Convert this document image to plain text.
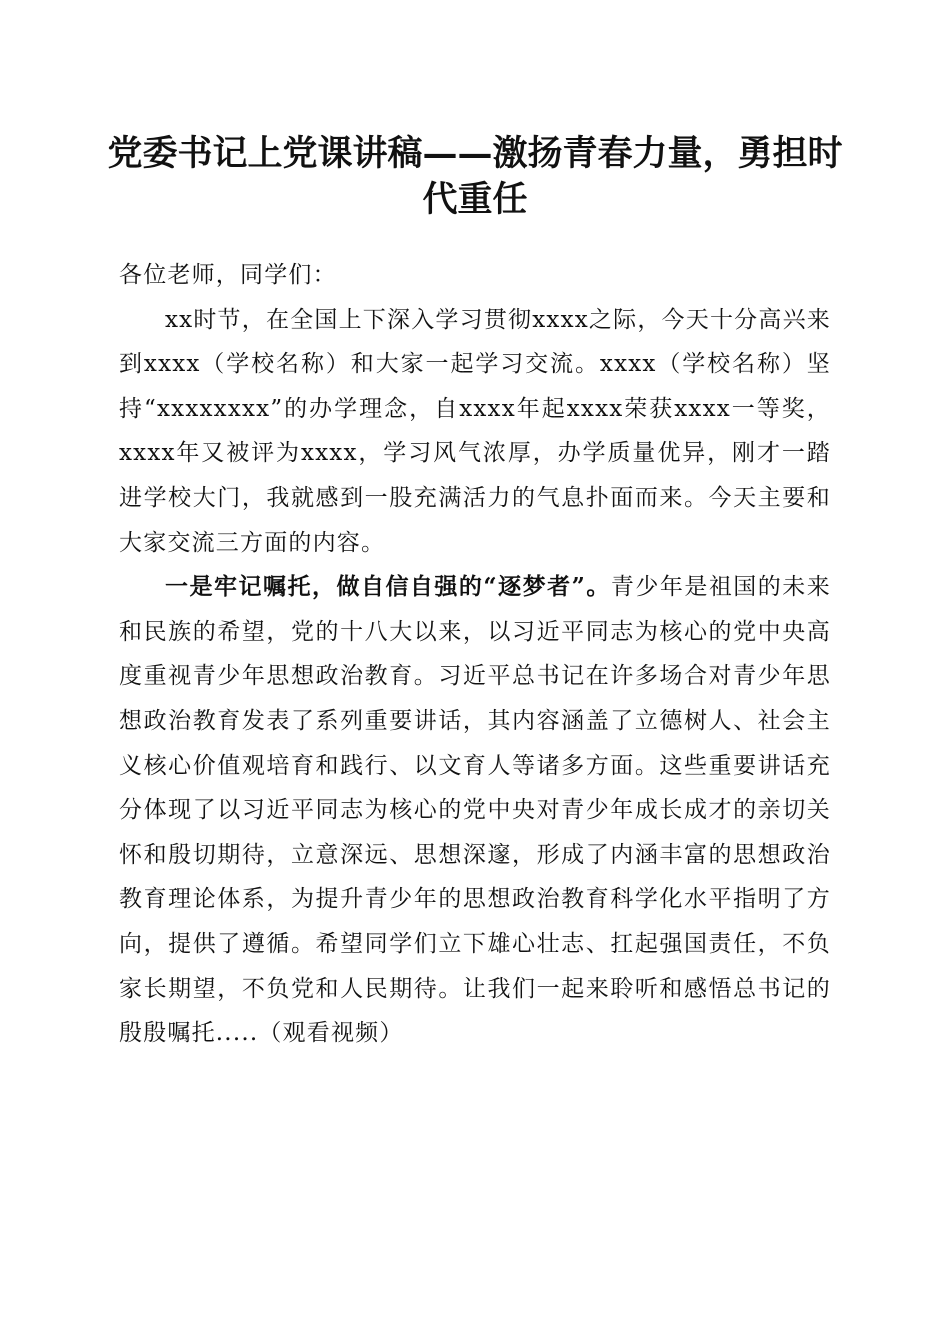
党委书记上党课讲稿——激扬青春力量，勇担时代重任

各位老师，同学们：

xx时节，在全国上下深入学习贯彻xxxx之际，今天十分高兴来到xxxx（学校名称）和大家一起学习交流。xxxx（学校名称）坚持“xxxxxxxx”的办学理念，自xxxx年起xxxx荣获xxxx一等奖，xxxx年又被评为xxxx，学习风气浓厚，办学质量优异，刚才一踏进学校大门，我就感到一股充满活力的气息扑面而来。今天主要和大家交流三方面的内容。

一是牢记嘱托，做自信自强的“逐梦者”。青少年是祖国的未来和民族的希望，党的十八大以来，以习近平同志为核心的党中央高度重视青少年思想政治教育。习近平总书记在许多场合对青少年思想政治教育发表了系列重要讲话，其内容涵盖了立德树人、社会主义核心价值观培育和践行、以文育人等诸多方面。这些重要讲话充分体现了以习近平同志为核心的党中央对青少年成长成才的亲切关怀和殷切期待，立意深远、思想深邃，形成了内涵丰富的思想政治教育理论体系，为提升青少年的思想政治教育科学化水平指明了方向，提供了遵循。希望同学们立下雄心壮志、扛起强国责任，不负家长期望，不负党和人民期待。让我们一起来聆听和感悟总书记的殷殷嘱托.....（观看视频）
